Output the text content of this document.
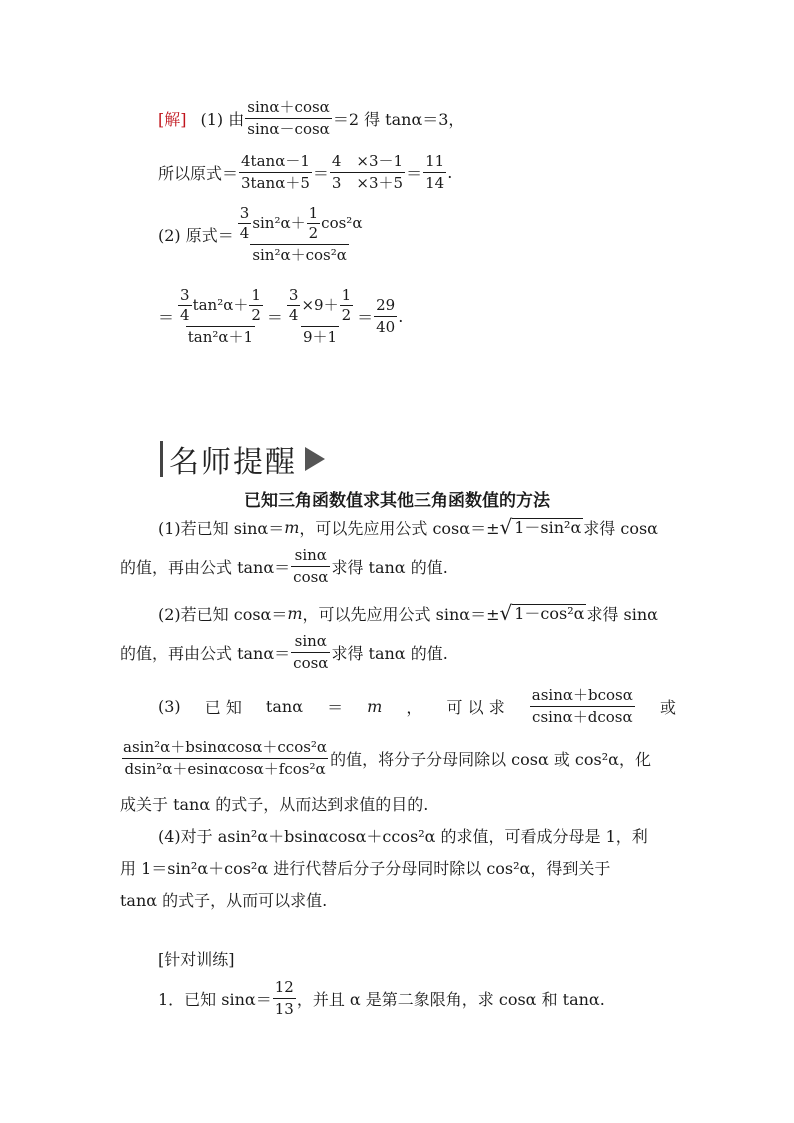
[解] (1) 由 $\frac{\sin\alpha+\cos\alpha}{\sin\alpha-\cos\alpha} =2$ 得 tanα＝3，
所以原式＝ $\frac{4\tan\alpha-1}{3\tan\alpha+5} = \frac{4 \times 3-1}{3 \times 3+5} = \frac{11}{14}$ .
(2) 原式＝ $\frac{3}{4} \sin^2\alpha+ \frac{1}{2} \cos^2\alpha$
sin²α＋cos²α
＝ $\frac{\frac{3}{4} \tan^2\alpha+ \frac{1}{2}}{\text{tan²α＋1}} = \frac{\frac{3}{4} \times 9+ \frac{1}{2}}{9+1} = \frac{29}{40}$ .
名师提醒
已知三角函数值求其他三角函数值的方法
(1)若已知 sinα＝ m ，可以先应用公式 cosα＝± √ 1－sin²α 求得 cosα
的值，再由公式 $\tan\alpha= \frac{\sin\alpha}{\cos\alpha}$ 求得 tanα 的值.
(2)若已知 cosα＝ m ，可以先应用公式 sinα＝± √ 1－cos²α 求得 sinα
的值，再由公式 $\tan\alpha= \frac{\sin\alpha}{\cos\alpha}$ 求得 tanα 的值.
(3) 已 知 tanα ＝ m ， 可 以 求 $\frac{asin\alpha+bcos\alpha}{csin\alpha+dcos\alpha}$ 或
$\frac{\text{asin²α＋bsinαcosα＋ccos²α}}{\text{dsin²α＋esinαcosα＋fcos²α}}$ 的值，将分子分母同除以 cosα 或 cos²α，化
成关于 tanα 的式子，从而达到求值的目的.
(4)对于 asin²α＋bsinαcosα＋ccos²α 的求值，可看成分母是 1，利
用 1＝sin²α＋cos²α 进行代替后分子分母同时除以 cos²α，得到关于
tanα 的式子，从而可以求值.
[针对训练]
1．已知 $\sin\alpha= \frac{12}{13}$ ，并且 α 是第二象限角，求 cosα 和 tanα.
